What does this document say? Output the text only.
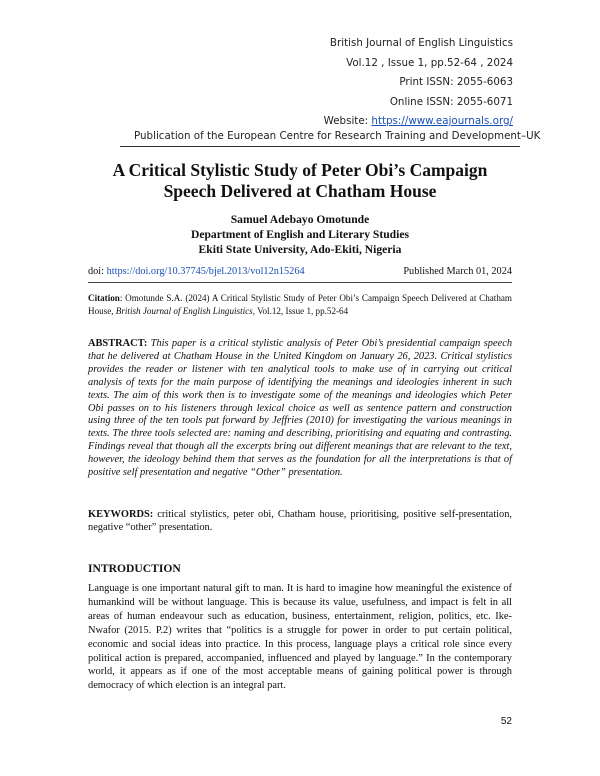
British Journal of English Linguistics
Vol.12 , Issue 1, pp.52-64 , 2024
Print ISSN: 2055-6063
Online ISSN: 2055-6071
Website: https://www.eajournals.org/
Publication of the European Centre for Research Training and Development–UK
A Critical Stylistic Study of Peter Obi’s Campaign
Speech Delivered at Chatham House
Samuel Adebayo Omotunde
Department of English and Literary Studies
Ekiti State University, Ado-Ekiti, Nigeria
doi: https://doi.org/10.37745/bjel.2013/vol12n15264	Published March 01, 2024
Citation: Omotunde S.A. (2024) A Critical Stylistic Study of Peter Obi’s Campaign Speech Delivered at Chatham House, British Journal of English Linguistics, Vol.12, Issue 1, pp.52-64
ABSTRACT: This paper is a critical stylistic analysis of Peter Obi’s presidential campaign speech that he delivered at Chatham House in the United Kingdom on January 26, 2023. Critical stylistics provides the reader or listener with ten analytical tools to make use of in carrying out critical analysis of texts for the main purpose of identifying the meanings and ideologies inherent in such texts. The aim of this work then is to investigate some of the meanings and ideologies which Peter Obi passes on to his listeners through lexical choice as well as sentence pattern and construction using three of the ten tools put forward by Jeffries (2010) for investigating the various meanings in texts. The three tools selected are: naming and describing, prioritising and equating and contrasting. Findings reveal that though all the excerpts bring out different meanings that are relevant to the text, however, the ideology behind them that serves as the foundation for all the interpretations is that of positive self presentation and negative “Other” presentation.
KEYWORDS: critical stylistics, peter obi, Chatham house, prioritising, positive self-presentation, negative “other” presentation.
INTRODUCTION
Language is one important natural gift to man. It is hard to imagine how meaningful the existence of humankind will be without language. This is because its value, usefulness, and impact is felt in all areas of human endeavour such as education, business, entertainment, religion, politics, etc. Ike-Nwafor (2015. P.2) writes that “politics is a struggle for power in order to put certain political, economic and social ideas into practice. In this process, language plays a critical role since every political action is prepared, accompanied, influenced and played by language.” In the contemporary world, it appears as if one of the most acceptable means of gaining political power is through democracy of which election is an integral part.
52
